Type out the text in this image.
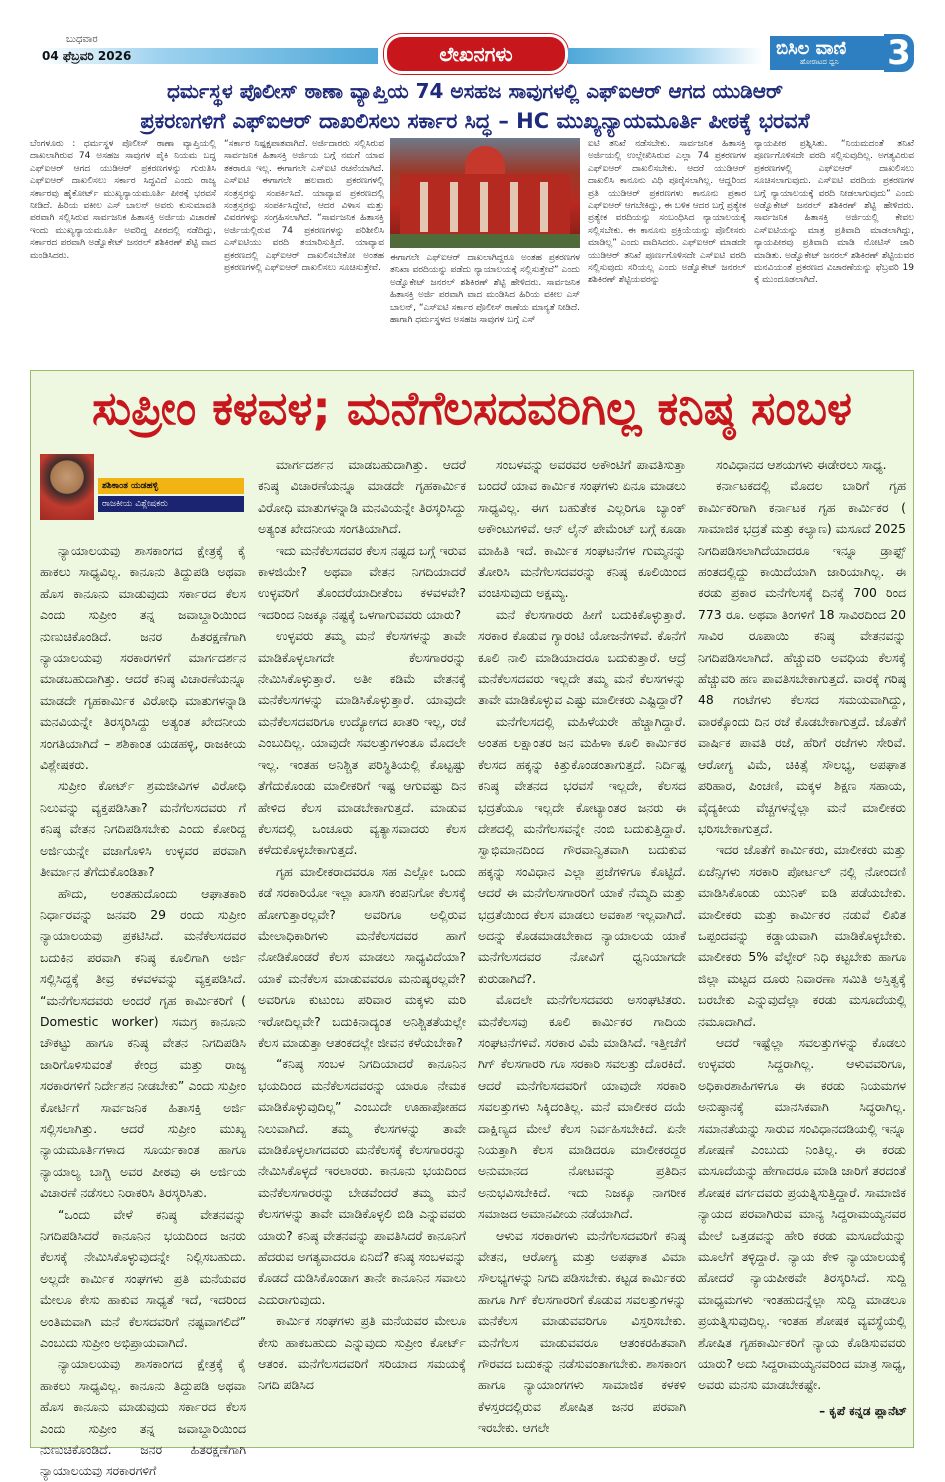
ಬುಧವಾರ
04 ಫೆಬ್ರವರಿ 2026	ಲೇಖನಗಳು	ಬಿಸಿಲ ವಾಣಿ
ಹೋರಾಟದ ಧ್ವನಿ 3
ಧರ್ಮಸ್ಥಳ ಪೊಲೀಸ್ ಠಾಣಾ ವ್ಯಾಪ್ತಿಯ 74 ಅಸಹಜ ಸಾವುಗಳಲ್ಲಿ ಎಫ್ಐಆರ್ ಆಗದ ಯುಡಿಆರ್
ಪ್ರಕರಣಗಳಿಗೆ ಎಫ್ಐಆರ್ ದಾಖಲಿಸಲು ಸರ್ಕಾರ ಸಿದ್ಧ – HC ಮುಖ್ಯನ್ಯಾಯಮೂರ್ತಿ ಪೀಠಕ್ಕೆ ಭರವಸೆ
ಬೆಂಗಳೂರು : ಧರ್ಮಸ್ಥಳ ಪೊಲೀಸ್ ಠಾಣಾ ವ್ಯಾಪ್ತಿಯಲ್ಲಿ ದಾಖಲಾಗಿರುವ 74 ಅಸಹಜ ಸಾವುಗಳ ಪೈಕಿ ನಿಯಮ ಬದ್ಧ ಎಫ್ಐಆರ್ ಆಗದ ಯುಡಿಆರ್ ಪ್ರಕರಣಗಳನ್ನು ಗುರುತಿಸಿ ಎಫ್ಐಆರ್ ದಾಖಲಿಸಲು ಸರ್ಕಾರ ಸಿದ್ಧವಿದೆ ಎಂದು ರಾಜ್ಯ ಸರ್ಕಾರವು ಹೈಕೋರ್ಟ್ ಮುಖ್ಯನ್ಯಾಯಮೂರ್ತಿ ಪೀಠಕ್ಕೆ ಭರವಸೆ ನೀಡಿದೆ. ಹಿರಿಯ ವಕೀಲ ಎಸ್ ಬಾಲನ್ ಅವರು ಕುಸುಮಾವತಿ ಪರವಾಗಿ ಸಲ್ಲಿಸಿರುವ ಸಾರ್ವಜನಿಕ ಹಿತಾಸಕ್ತಿ ಅರ್ಜಿಯ ವಿಚಾರಣೆ ಇಂದು ಮುಖ್ಯನ್ಯಾಯಮೂರ್ತಿ ಅವರಿದ್ದ ಪೀಠದಲ್ಲಿ ನಡೆದಿದ್ದು, ಸರ್ಕಾರದ ಪರವಾಗಿ ಅಡ್ವೊಕೇಟ್ ಜನರಲ್ ಶಶಿಕಿರಣ್ ಶೆಟ್ಟಿ ವಾದ ಮಂಡಿಸಿದರು.
“ಸರ್ಕಾರ ನಿಷ್ಪಕ್ಷಪಾತವಾಗಿದೆ. ಅರ್ಜಿದಾರರು ಸಲ್ಲಿಸಿರುವ ಸಾರ್ವಜನಿಕ ಹಿತಾಸಕ್ತಿ ಅರ್ಜಿಯ ಬಗ್ಗೆ ನಮಗೆ ಯಾವ ತಕರಾರೂ ಇಲ್ಲ. ಈಗಾಗಲೇ ಎಸ್ಐಟಿ ರಚನೆಯಾಗಿದೆ. ಎಸ್ಐಟಿ ಈಗಾಗಲೇ ಹಲವಾರು ಪ್ರಕರಣಗಳಲ್ಲಿ ಸಂತ್ರಸ್ತರನ್ನು ಸಂಪರ್ಕಿಸಿದೆ. ಯಾವ್ಯಾವ ಪ್ರಕರಣದಲ್ಲಿ ಸಂತ್ರಸ್ತರನ್ನು ಸಂಪರ್ಕಿಸಿದ್ದೇವೆ, ಆದರ ವಿಳಾಸ ಮತ್ತು ವಿವರಗಳನ್ನು ಸಂಗ್ರಹಿಸಲಾಗಿದೆ. “ಸಾರ್ವಜನಿಕ ಹಿತಾಸಕ್ತಿ ಅರ್ಜಿಯಲ್ಲಿರುವ 74 ಪ್ರಕರಣಗಳನ್ನು ಪರಿಶೀಲಿಸಿ ಎಸ್ಐಟಿಯು ವರದಿ ತಯಾರಿಸುತ್ತಿದೆ. ಯಾವ್ಯಾವ ಪ್ರಕರಣದಲ್ಲಿ ಎಫ್ಐಆರ್ ದಾಖಲಿಸಬೇಕೋ ಅಂತಹ ಪ್ರಕರಣಗಳಲ್ಲಿ ಎಫ್ಐಆರ್ ದಾಖಲಿಸಲು ಸೂಚಿಸುತ್ತೇವೆ.
ಈಗಾಗಲೇ ಎಫ್ಐಆರ್ ದಾಖಲಾಗಿದ್ದರೂ ಅಂತಹ ಪ್ರಕರಣಗಳ ತನಿಖಾ ವರದಿಯನ್ನು ಪಡೆದು ನ್ಯಾಯಾಲಯಕ್ಕೆ ಸಲ್ಲಿಸುತ್ತೇವೆ” ಎಂದು ಅಡ್ವೊಕೇಟ್ ಜನರಲ್ ಶಶಿಕಿರಣ್ ಶೆಟ್ಟಿ ಹೇಳಿದರು. ಸಾರ್ವಜನಿಕ ಹಿತಾಸಕ್ತಿ ಅರ್ಜಿ ಪರವಾಗಿ ವಾದ ಮಂಡಿಸಿದ ಹಿರಿಯ ವಕೀಲ ಎಸ್ ಬಾಲನ್, “ಎಸ್ಐಟಿ ಸರ್ಕಾರ ಪೊಲೀಸ್ ಠಾಣೆಯ ಮಾನ್ಯತೆ ನೀಡಿದೆ. ಹಾಗಾಗಿ ಧರ್ಮಸ್ಥಳದ ಅಸಹಜ ಸಾವುಗಳ ಬಗ್ಗೆ ಎಸ್
ಐಟಿ ತನಿಖೆ ನಡೆಸಬೇಕು. ಸಾರ್ವಜನಿಕ ಹಿತಾಸಕ್ತಿ ಅರ್ಜಿಯಲ್ಲಿ ಉಲ್ಲೇಖಿಸಿರುವ ಎಲ್ಲಾ 74 ಪ್ರಕರಣಗಳ ಎಫ್ಐಆರ್ ದಾಖಲಿಸಬೇಕು. ಆದರೆ ಯುಡಿಆರ್ ದಾಖಲಿಸಿ ಕಾನೂನು ವಿಧಿ ಪೂರೈಸಲಾಗಿಲ್ಲ. ಆದ್ದರಿಂದ ಪ್ರತಿ ಯುಡಿಆರ್ ಪ್ರಕರಣಗಳು ಕಾನೂನು ಪ್ರಕಾರ ಎಫ್ಐಆರ್ ಆಗಬೇಕಿದ್ದು, ಈ ಬಳಿಕ ಆದರ ಬಗ್ಗೆ ಪ್ರತ್ಯೇಕ ಪ್ರತ್ಯೇಕ ವರದಿಯನ್ನು ಸಂಬಂಧಿಸಿದ ನ್ಯಾಯಾಲಯಕ್ಕೆ ಸಲ್ಲಿಸಬೇಕು. ಈ ಕಾನೂನು ಪ್ರಕ್ರಿಯೆಯನ್ನು ಪೊಲೀಸರು ಮಾಡಿಲ್ಲ” ಎಂದು ವಾದಿಸಿದರು. ಎಫ್ಐಆರ್ ಮಾಡದೇ ಯುಡಿಆರ್ ತನಿಖೆ ಪೂರ್ಣಗೊಳಿಸದೇ ಎಸ್ಐಟಿ ವರದಿ ಸಲ್ಲಿಸುವುದು ಸರಿಯಲ್ಲ ಎಂದು ಅಡ್ವೊಕೇಟ್ ಜನರಲ್ ಶಶಿಕಿರಣ್ ಶೆಟ್ಟಿಯವರನ್ನು
ನ್ಯಾಯಪೀಠ ಪ್ರಶ್ನಿಸಿತು. “ನಿಯಮದಂತೆ ತನಿಖೆ ಪೂರ್ಣಗೊಳಿಸದೇ ವರದಿ ಸಲ್ಲಿಸುವುದಿಲ್ಲ. ಅಗತ್ಯವಿರುವ ಪ್ರಕರಣಗಳಲ್ಲಿ ಎಫ್ಐಆರ್ ದಾಖಲಿಸಲು ಸೂಚಿಸಲಾಗುವುದು. ಎಸ್ಐಟಿ ವರದಿಯ ಪ್ರಕರಣಗಳ ಬಗ್ಗೆ ನ್ಯಾಯಾಲಯಕ್ಕೆ ವರದಿ ನೀಡಲಾಗುವುದು” ಎಂದು ಅಡ್ವೊಕೇಟ್ ಜನರಲ್ ಶಶಿಕಿರಣ್ ಶೆಟ್ಟಿ ಹೇಳಿದರು. ಸಾರ್ವಜನಿಕ ಹಿತಾಸಕ್ತಿ ಅರ್ಜಿಯಲ್ಲಿ ಕೇವಲ ಎಸ್ಐಟಿಯನ್ನು ಮಾತ್ರ ಪ್ರತಿವಾದಿ ಮಾಡಲಾಗಿದ್ದು, ನ್ಯಾಯಪೀಠವು ಪ್ರತಿವಾದಿ ಮಾಡಿ ನೋಟಿಸ್ ಜಾರಿ ಮಾಡಿತು. ಅಡ್ವೊಕೇಟ್ ಜನರಲ್ ಶಶಿಕಿರಣ್ ಶೆಟ್ಟಿಯವರ ಮನವಿಯಂತೆ ಪ್ರಕರಣದ ವಿಚಾರಣೆಯನ್ನು ಫೆಬ್ರವರಿ 19 ಕ್ಕೆ ಮುಂದೂಡಲಾಗಿದೆ.
ಸುಪ್ರೀಂ ಕಳವಳ; ಮನೆಗೆಲಸದವರಿಗಿಲ್ಲ ಕನಿಷ್ಠ ಸಂಬಳ
ಶಶಿಕಾಂತ ಯಡಹಳ್ಳಿ
ರಾಜಕೀಯ ವಿಶ್ಲೇಷಕರು

ನ್ಯಾಯಾಲಯವು ಶಾಸಕಾಂಗದ ಕ್ಷೇತ್ರಕ್ಕೆ ಕೈ ಹಾಕಲು ಸಾಧ್ಯವಿಲ್ಲ. ಕಾನೂನು ತಿದ್ದುಪಡಿ ಅಥವಾ ಹೊಸ ಕಾನೂನು ಮಾಡುವುದು ಸರ್ಕಾರದ ಕೆಲಸ ಎಂದು ಸುಪ್ರೀಂ ತನ್ನ ಜವಾಬ್ದಾರಿಯಿಂದ ನುಣುಚಿಕೊಂಡಿದೆ. ಜನರ ಹಿತರಕ್ಷಣೆಗಾಗಿ ನ್ಯಾಯಾಲಯವು ಸರಕಾರಗಳಿಗೆ ಮಾರ್ಗದರ್ಶನ ಮಾಡಬಹುದಾಗಿತ್ತು. ಆದರೆ ಕನಿಷ್ಠ ವಿಚಾರಣೆಯನ್ನೂ ಮಾಡದೇ ಗೃಹಕಾರ್ಮಿಕ ವಿರೋಧಿ ಮಾತುಗಳನ್ನಾಡಿ ಮನವಿಯನ್ನೇ ತಿರಸ್ಕರಿಸಿದ್ದು ಅತ್ಯಂತ ಖೇದನೀಯ ಸಂಗತಿಯಾಗಿದೆ – ಶಶಿಕಾಂತ ಯಡಹಳ್ಳಿ, ರಾಜಕೀಯ ವಿಶ್ಲೇಷಕರು.

ಸುಪ್ರೀಂ ಕೋರ್ಟ್ ಶ್ರಮಜೀವಿಗಳ ವಿರೋಧಿ ನಿಲುವನ್ನು ವ್ಯಕ್ತಪಡಿಸಿತಾ? ಮನೆಗೆಲಸದವರು ಗೆ ಕನಿಷ್ಠ ವೇತನ ನಿಗದಿಪಡಿಸಬೇಕು ಎಂದು ಕೋರಿದ್ದ ಅರ್ಜಿಯನ್ನೇ ವಜಾಗೊಳಿಸಿ ಉಳ್ಳವರ ಪರವಾಗಿ ತೀರ್ಮಾನ ತೆಗೆದುಕೊಂಡಿತಾ?

ಹೌದು, ಅಂತಹುದೊಂದು ಆಘಾತಕಾರಿ ನಿರ್ಧಾರವನ್ನು ಜನವರಿ 29 ರಂದು ಸುಪ್ರೀಂ ನ್ಯಾಯಾಲಯವು ಪ್ರಕಟಿಸಿದೆ. ಮನೆಕೆಲಸದವರ ಬದುಕಿನ ಪರವಾಗಿ ಕನಿಷ್ಠ ಕೂಲಿಗಾಗಿ ಅರ್ಜಿ ಸಲ್ಲಿಸಿದ್ದಕ್ಕೆ ತೀವ್ರ ಕಳವಳವನ್ನು ವ್ಯಕ್ತಪಡಿಸಿದೆ. “ಮನೆಗೆಲಸದವರು ಅಂದರೆ ಗೃಹ ಕಾರ್ಮಿಕರಿಗೆ ( Domestic worker) ಸಮಗ್ರ ಕಾನೂನು ಚೌಕಟ್ಟು ಹಾಗೂ ಕನಿಷ್ಠ ವೇತನ ನಿಗದಿಪಡಿಸಿ ಜಾರಿಗೊಳಿಸುವಂತೆ ಕೇಂದ್ರ ಮತ್ತು ರಾಜ್ಯ ಸರಕಾರಗಳಿಗೆ ನಿರ್ದೇಶನ ನೀಡಬೇಕು” ಎಂದು ಸುಪ್ರೀಂ ಕೋರ್ಟಿಗೆ ಸಾರ್ವಜನಿಕ ಹಿತಾಸಕ್ತಿ ಅರ್ಜಿ ಸಲ್ಲಿಸಲಾಗಿತ್ತು. ಆದರೆ ಸುಪ್ರೀಂ ಮುಖ್ಯ ನ್ಯಾಯಮೂರ್ತಿಗಳಾದ ಸೂರ್ಯಕಾಂತ ಹಾಗೂ ನ್ಯಾಯಾಲ್ಯ ಬಾಗ್ಚಿ ಅವರ ಪೀಠವು ಈ ಅರ್ಜಿಯ ವಿಚಾರಣೆ ನಡೆಸಲು ನಿರಾಕರಿಸಿ ತಿರಸ್ಕರಿಸಿತು.

“ಒಂದು ವೇಳೆ ಕನಿಷ್ಠ ವೇತನವನ್ನು ನಿಗದಿಪಡಿಸಿದರೆ ಕಾನೂನಿನ ಭಯದಿಂದ ಜನರು ಕೆಲಸಕ್ಕೆ ನೇಮಿಸಿಕೊಳ್ಳುವುದನ್ನೇ ನಿಲ್ಲಿಸಬಹುದು. ಅಲ್ಲದೇ ಕಾರ್ಮಿಕ ಸಂಘಗಳು ಪ್ರತಿ ಮನೆಯವರ ಮೇಲೂ ಕೇಸು ಹಾಕುವ ಸಾಧ್ಯತೆ ಇದೆ, ಇದರಿಂದ ಅಂತಿಮವಾಗಿ ಮನೆ ಕೆಲಸದವರಿಗೆ ನಷ್ಟವಾಗಲಿದೆ” ಎಂಬುದು ಸುಪ್ರೀಂ ಅಭಿಪ್ರಾಯವಾಗಿದೆ.

ನ್ಯಾಯಾಲಯವು ಶಾಸಕಾಂಗದ ಕ್ಷೇತ್ರಕ್ಕೆ ಕೈ ಹಾಕಲು ಸಾಧ್ಯವಿಲ್ಲ. ಕಾನೂನು ತಿದ್ದುಪಡಿ ಅಥವಾ ಹೊಸ ಕಾನೂನು ಮಾಡುವುದು ಸರ್ಕಾರದ ಕೆಲಸ ಎಂದು ಸುಪ್ರೀಂ ತನ್ನ ಜವಾಬ್ದಾರಿಯಿಂದ ನುಣುಚಿಕೊಂಡಿದೆ. ಜನರ ಹಿತರಕ್ಷಣೆಗಾಗಿ ನ್ಯಾಯಾಲಯವು ಸರಕಾರಗಳಿಗೆ

ಮಾರ್ಗದರ್ಶನ ಮಾಡಬಹುದಾಗಿತ್ತು. ಆದರೆ ಕನಿಷ್ಠ ವಿಚಾರಣೆಯನ್ನೂ ಮಾಡದೇ ಗೃಹಕಾರ್ಮಿಕ ವಿರೋಧಿ ಮಾತುಗಳನ್ನಾಡಿ ಮನವಿಯನ್ನೇ ತಿರಸ್ಕರಿಸಿದ್ದು ಅತ್ಯಂತ ಖೇದನೀಯ ಸಂಗತಿಯಾಗಿದೆ.

ಇದು ಮನೆಕೆಲಸದವರ ಕೆಲಸ ನಷ್ಟದ ಬಗ್ಗೆ ಇರುವ ಕಾಳಜಿಯೇ? ಅಥವಾ ವೇತನ ನಿಗದಿಯಾದರೆ ಉಳ್ಳವರಿಗೆ ತೊಂದರೆಯಾದೀತೆಂಬ ಕಳವಳವೇ? ಇದರಿಂದ ನಿಜಕ್ಕೂ ನಷ್ಟಕ್ಕೆ ಒಳಗಾಗುವವರು ಯಾರು?

ಉಳ್ಳವರು ತಮ್ಮ ಮನೆ ಕೆಲಸಗಳನ್ನು ತಾವೇ ಮಾಡಿಕೊಳ್ಳಲಾಗದೇ ಕೆಲಸಗಾರರನ್ನು ನೇಮಿಸಿಕೊಳ್ಳುತ್ತಾರೆ. ಅತೀ ಕಡಿಮೆ ವೇತನಕ್ಕೆ ಮನೆಕೆಲಸಗಳನ್ನು ಮಾಡಿಸಿಕೊಳ್ಳುತ್ತಾರೆ. ಯಾವುದೇ ಮನೆಕೆಲಸದವರಿಗೂ ಉದ್ಯೋಗದ ಖಾತರಿ ಇಲ್ಲ, ರಜೆ ಎಂಬುದಿಲ್ಲ. ಯಾವುದೇ ಸವಲತ್ತುಗಳಂತೂ ಮೊದಲೇ ಇಲ್ಲ. ಇಂತಹ ಅನಿಶ್ಚಿತ ಪರಿಸ್ಥಿತಿಯಲ್ಲಿ ಕೊಟ್ಟಷ್ಟು ತೆಗೆದುಕೊಂಡು ಮಾಲೀಕರಿಗೆ ಇಷ್ಟ ಆಗುವಷ್ಟು ದಿನ ಹೇಳಿದ ಕೆಲಸ ಮಾಡಬೇಕಾಗುತ್ತದೆ. ಮಾಡುವ ಕೆಲಸದಲ್ಲಿ ಒಂಚೂರು ವ್ಯತ್ಯಾಸವಾದರು ಕೆಲಸ ಕಳೆದುಕೊಳ್ಳಬೇಕಾಗುತ್ತದೆ.

ಗೃಹ ಮಾಲೀಕರಾದವರೂ ಸಹ ಎಲ್ಲೋ ಒಂದು ಕಡೆ ಸರಕಾರಿಯೋ ಇಲ್ಲಾ ಖಾಸಗಿ ಕಂಪನಿಗೋ ಕೆಲಸಕ್ಕೆ ಹೋಗುತ್ತಾರಲ್ಲವೇ? ಅವರಿಗೂ ಅಲ್ಲಿರುವ ಮೇಲಾಧಿಕಾರಿಗಳು ಮನೆಕೆಲಸದವರ ಹಾಗೆ ನೋಡಿಕೊಂಡರೆ ಕೆಲಸ ಮಾಡಲು ಸಾಧ್ಯವಿದೆಯಾ? ಯಾಕೆ ಮನೆಕೆಲಸ ಮಾಡುವವರೂ ಮನುಷ್ಯರಲ್ಲವೇ? ಅವರಿಗೂ ಕುಟುಂಬ ಪರಿವಾರ ಮಕ್ಕಳು ಮರಿ ಇರೋದಿಲ್ಲವೇ? ಬದುಕಿನಾದ್ಯಂತ ಅನಿಶ್ಚಿತತೆಯಲ್ಲೇ ಕೆಲಸ ಮಾಡುತ್ತಾ ಆತಂಕದಲ್ಲೇ ಜೀವನ ಕಳೆಯಬೇಕಾ?

“ಕನಿಷ್ಠ ಸಂಬಳ ನಿಗದಿಯಾದರೆ ಕಾನೂನಿನ ಭಯದಿಂದ ಮನೆಕೆಲಸದವರನ್ನು ಯಾರೂ ನೇಮಕ ಮಾಡಿಕೊಳ್ಳುವುದಿಲ್ಲ” ಎಂಬುದೇ ಊಹಾಪೋಹದ ನಿಲುವಾಗಿದೆ. ತಮ್ಮ ಕೆಲಸಗಳನ್ನು ತಾವೇ ಮಾಡಿಕೊಳ್ಳಲಾಗದವರು ಮನೆಕೆಲಸಕ್ಕೆ ಕೆಲಸಗಾರರನ್ನು ನೇಮಿಸಿಕೊಳ್ಳದೆ ಇರಲಾರರು. ಕಾನೂನು ಭಯದಿಂದ ಮನೆಕೆಲಸಗಾರರನ್ನು ಬೇಡವೆಂದರೆ ತಮ್ಮ ಮನೆ ಕೆಲಸಗಳನ್ನು ತಾವೇ ಮಾಡಿಕೊಳ್ಳಲಿ ಬಿಡಿ ಎನ್ನುವವರು ಯಾರು? ಕನಿಷ್ಠ ವೇತನವನ್ನು ಪಾವತಿಸಿದರೆ ಕಾನೂನಿಗೆ ಹೆದರುವ ಅಗತ್ಯವಾದರೂ ಏನಿದೆ? ಕನಿಷ್ಠ ಸಂಬಳವನ್ನು ಕೊಡದೆ ದುಡಿಸಿಕೊಂಡಾಗ ತಾನೇ ಕಾನೂನಿನ ಸವಾಲು ಎದುರಾಗುವುದು.

ಕಾರ್ಮಿಕ ಸಂಘಗಳು ಪ್ರತಿ ಮನೆಯವರ ಮೇಲೂ ಕೇಸು ಹಾಕಬಹುದು ಎನ್ನುವುದು ಸುಪ್ರೀಂ ಕೋರ್ಟ್ ಆತಂಕ. ಮನೆಗೆಲಸದವರಿಗೆ ಸರಿಯಾದ ಸಮಯಕ್ಕೆ ನಿಗದಿ ಪಡಿಸಿದ

ಸಂಬಳವನ್ನು ಅವರವರ ಅಕೌಂಟಿಗೆ ಪಾವತಿಸುತ್ತಾ ಬಂದರೆ ಯಾವ ಕಾರ್ಮಿಕ ಸಂಘಗಳು ಏನೂ ಮಾಡಲು ಸಾಧ್ಯವಿಲ್ಲ. ಈಗ ಬಹುತೇಕ ಎಲ್ಲರಿಗೂ ಬ್ಯಾಂಕ್ ಅಕೌಂಟುಗಳಿವೆ. ಆನ್ ಲೈನ್ ಪೇಮೆಂಟ್ ಬಗ್ಗೆ ಕೂಡಾ ಮಾಹಿತಿ ಇದೆ. ಕಾರ್ಮಿಕ ಸಂಘಟನೆಗಳ ಗುಮ್ಮನನ್ನು ತೋರಿಸಿ ಮನೆಗೆಲಸದವರನ್ನು ಕನಿಷ್ಠ ಕೂಲಿಯಿಂದ ವಂಚಿಸುವುದು ಅಕ್ಷಮ್ಯ.

ಮನೆ ಕೆಲಸಗಾರರು ಹೀಗೆ ಬದುಕಿಕೊಳ್ಳುತ್ತಾರೆ. ಸರಕಾರ ಕೊಡುವ ಗ್ಯಾರಂಟಿ ಯೋಜನೆಗಳಿವೆ. ಕೊನೆಗೆ ಕೂಲಿ ನಾಲಿ ಮಾಡಿಯಾದರೂ ಬದುಕುತ್ತಾರೆ. ಆದ್ರೆ ಮನೆಕೆಲಸದವರು ಇಲ್ಲದೇ ತಮ್ಮ ಮನೆ ಕೆಲಸಗಳನ್ನು ತಾವೇ ಮಾಡಿಕೊಳ್ಳುವ ಎಷ್ಟು ಮಾಲೀಕರು ಎಷ್ಟಿದ್ದಾರೆ?

ಮನೆಗೆಲಸದಲ್ಲಿ ಮಹಿಳೆಯರೇ ಹೆಚ್ಚಾಗಿದ್ದಾರೆ. ಅಂತಹ ಲಕ್ಷಾಂತರ ಜನ ಮಹಿಳಾ ಕೂಲಿ ಕಾರ್ಮಿಕರ ಕೆಲಸದ ಹಕ್ಕನ್ನು ಕಿತ್ತುಕೊಂಡಂತಾಗುತ್ತದೆ. ನಿರ್ದಿಷ್ಟ ಕನಿಷ್ಠ ವೇತನದ ಭರವಸೆ ಇಲ್ಲದೇ, ಕೆಲಸದ ಭದ್ರತೆಯೂ ಇಲ್ಲದೇ ಕೋಟ್ಯಾಂತರ ಜನರು ಈ ದೇಶದಲ್ಲಿ ಮನೆಗೆಲಸವನ್ನೇ ನಂಬಿ ಬದುಕುತ್ತಿದ್ದಾರೆ. ಸ್ವಾಭಿಮಾನದಿಂದ ಗೌರವಾನ್ವಿತವಾಗಿ ಬದುಕುವ ಹಕ್ಕನ್ನು ಸಂವಿಧಾನ ಎಲ್ಲಾ ಪ್ರಜೆಗಳಿಗೂ ಕೊಟ್ಟಿದೆ. ಆದರೆ ಈ ಮನೆಗೆಲಸಗಾರರಿಗೆ ಯಾಕೆ ನೆಮ್ಮದಿ ಮತ್ತು ಭದ್ರತೆಯಿಂದ ಕೆಲಸ ಮಾಡಲು ಅವಕಾಶ ಇಲ್ಲವಾಗಿದೆ. ಅದನ್ನು ಕೊಡಮಾಡಬೇಕಾದ ನ್ಯಾಯಾಲಯ ಯಾಕೆ ಮನೆಗೆಲಸದವರ ನೋವಿಗೆ ಧ್ವನಿಯಾಗದೇ ಕುರುಡಾಗಿದೆ?.

ಮೊದಲೇ ಮನೆಗೆಲಸದವರು ಅಸಂಘಟಿತರು. ಮನೆಕೆಲಸವು ಕೂಲಿ ಕಾರ್ಮಿಕರ ಗಾದಿಯ ಸಂಘಟನೆಗಳಿವೆ. ಸರಕಾರ ವಿಮೆ ಮಾಡಿಸಿದೆ. ಇತ್ತೀಚೆಗೆ ಗಿಗ್ ಕೆಲಸಗಾರರಿ ಗೂ ಸರಕಾರಿ ಸವಲತ್ತು ದೊರಕಿದೆ. ಆದರೆ ಮನೆಗೆಲಸದವರಿಗೆ ಯಾವುದೇ ಸರಕಾರಿ ಸವಲತ್ತುಗಳು ಸಿಕ್ಕಿದಂತಿಲ್ಲ. ಮನೆ ಮಾಲೀಕರ ದಯೆ ದಾಕ್ಷಿಣ್ಯದ ಮೇಲೆ ಕೆಲಸ ನಿರ್ವಹಿಸಬೇಕಿದೆ. ಏನೇ ನಿಯತ್ತಾಗಿ ಕೆಲಸ ಮಾಡಿದರೂ ಮಾಲೀಕರದ್ದರ ಅನುಮಾನದ ನೋಟವನ್ನು ಪ್ರತಿದಿನ ಅನುಭವಿಸಬೇಕಿದೆ. ಇದು ನಿಜಕ್ಕೂ ನಾಗರೀಕ ಸಮಾಜದ ಅಮಾನವೀಯ ನಡೆಯಾಗಿದೆ.

ಆಳುವ ಸರಕಾರಗಳು ಮನೆಗೆಲಸದವರಿಗೆ ಕನಿಷ್ಠ ವೇತನ, ಆರೋಗ್ಯ ಮತ್ತು ಅಪಘಾತ ವಿಮಾ ಸೌಲಭ್ಯಗಳನ್ನು ನಿಗದಿ ಪಡಿಸಬೇಕು. ಕಟ್ಟಡ ಕಾರ್ಮಿಕರು ಹಾಗೂ ಗಿಗ್ ಕೆಲಸಗಾರರಿಗೆ ಕೊಡುವ ಸವಲತ್ತುಗಳನ್ನು ಮನೆಕೆಲಸ ಮಾಡುವವರಿಗೂ ವಿಸ್ತರಿಸಬೇಕು. ಮನೆಗೆಲಸ ಮಾಡುವವರೂ ಆತಂಕರಹಿತವಾಗಿ ಗೌರವದ ಬದುಕನ್ನು ನಡೆಸುವಂತಾಗಬೇಕು. ಶಾಸಕಾಂಗ ಹಾಗೂ ನ್ಯಾಯಾಂಗಗಳು ಸಾಮಾಜಿಕ ಕಳಕಳಿ ಕೆಳಸ್ತರದಲ್ಲಿರುವ ಶೋಷಿತ ಜನರ ಪರವಾಗಿ ಇರಬೇಕು. ಆಗಲೇ

ಸಂವಿಧಾನದ ಆಶಯಗಳು ಈಡೇರಲು ಸಾಧ್ಯ.

ಕರ್ನಾಟಕದಲ್ಲಿ ಮೊದಲ ಬಾರಿಗೆ ಗೃಹ ಕಾರ್ಮಿಕರಿಗಾಗಿ ಕರ್ನಾಟಕ ಗೃಹ ಕಾರ್ಮಿಕರ ( ಸಾಮಾಜಿಕ ಭದ್ರತೆ ಮತ್ತು ಕಲ್ಯಾಣ) ಮಸೂದೆ 2025 ನಿಗದಿಪಡಿಸಲಾಗಿದೆಯಾದರೂ ಇನ್ನೂ ಡ್ರಾಫ್ಟ್ ಹಂತದಲ್ಲಿದ್ದು ಕಾಯಿದೆಯಾಗಿ ಜಾರಿಯಾಗಿಲ್ಲ. ಈ ಕರಡು ಪ್ರಕಾರ ಮನೆಗೆಲಸಕ್ಕೆ ದಿನಕ್ಕೆ 700 ರಿಂದ 773 ರೂ. ಅಥವಾ ತಿಂಗಳಿಗೆ 18 ಸಾವಿರದಿಂದ 20 ಸಾವಿರ ರೂಪಾಯಿ ಕನಿಷ್ಠ ವೇತನವನ್ನು ನಿಗದಿಪಡಿಸಲಾಗಿದೆ. ಹೆಚ್ಚುವರಿ ಅವಧಿಯ ಕೆಲಸಕ್ಕೆ ಹೆಚ್ಚುವರಿ ಹಣ ಪಾವತಿಸಬೇಕಾಗುತ್ತದೆ. ವಾರಕ್ಕೆ ಗರಿಷ್ಠ 48 ಗಂಟೆಗಳು ಕೆಲಸದ ಸಮಯವಾಗಿದ್ದು, ವಾರಕ್ಕೊಂದು ದಿನ ರಜೆ ಕೊಡಬೇಕಾಗುತ್ತದೆ. ಜೊತೆಗೆ ವಾರ್ಷಿಕ ಪಾವತಿ ರಜೆ, ಹೆರಿಗೆ ರಜೆಗಳು ಸೇರಿವೆ. ಆರೋಗ್ಯ ವಿಮೆ, ಚಿಕಿತ್ಸೆ ಸೌಲಭ್ಯ, ಅಪಘಾತ ಪರಿಹಾರ, ಪಿಂಚಣಿ, ಮಕ್ಕಳ ಶಿಕ್ಷಣ ಸಹಾಯ, ವೈದ್ಯಕೀಯ ವೆಚ್ಚಗಳನ್ನೆಲ್ಲಾ ಮನೆ ಮಾಲೀಕರು ಭರಿಸಬೇಕಾಗುತ್ತದೆ.

ಇದರ ಜೊತೆಗೆ ಕಾರ್ಮಿಕರು, ಮಾಲೀಕರು ಮತ್ತು ಏಜೆನ್ಸಿಗಳು ಸರಕಾರಿ ಪೋರ್ಟಲ್ ನಲ್ಲಿ ನೋಂದಣಿ ಮಾಡಿಸಿಕೊಂಡು ಯುನಿಕ್ ಐಡಿ ಪಡೆಯಬೇಕು. ಮಾಲೀಕರು ಮತ್ತು ಕಾರ್ಮಿಕರ ನಡುವೆ ಲಿಖಿತ ಒಪ್ಪಂದವನ್ನು ಕಡ್ಡಾಯವಾಗಿ ಮಾಡಿಕೊಳ್ಳಬೇಕು. ಮಾಲೀಕರು 5% ವೆಲ್ಫೇರ್ ನಿಧಿ ಕಟ್ಟಬೇಕು ಹಾಗೂ ಜಿಲ್ಲಾ ಮಟ್ಟದ ದೂರು ನಿವಾರಣಾ ಸಮಿತಿ ಅಸ್ತಿತ್ವಕ್ಕೆ ಬರಬೇಕು ಎನ್ನುವುದೆಲ್ಲಾ ಕರಡು ಮಸೂದೆಯಲ್ಲಿ ನಮೂದಾಗಿದೆ.

ಆದರೆ ಇಷ್ಟೆಲ್ಲಾ ಸವಲತ್ತುಗಳನ್ನು ಕೊಡಲು ಉಳ್ಳವರು ಸಿದ್ದರಾಗಿಲ್ಲ. ಆಳುವವರಿಗೂ, ಅಧಿಕಾರಶಾಹಿಗಳಿಗೂ ಈ ಕರಡು ನಿಯಮಗಳ ಅನುಷ್ಠಾನಕ್ಕೆ ಮಾನಸಿಕವಾಗಿ ಸಿದ್ಧರಾಗಿಲ್ಲ. ಸಮಾನತೆಯನ್ನು ಸಾರುವ ಸಂವಿಧಾನದಡಿಯಲ್ಲಿ ಇನ್ನೂ ಶೋಷಣೆ ಎಂಬುದು ನಿಂತಿಲ್ಲ. ಈ ಕರಡು ಮಸೂದೆಯನ್ನು ಹೇಗಾದರೂ ಮಾಡಿ ಜಾರಿಗೆ ತರದಂತೆ ಶೋಷಕ ವರ್ಗದವರು ಪ್ರಯತ್ನಿಸುತ್ತಿದ್ದಾರೆ. ಸಾಮಾಜಿಕ ನ್ಯಾಯದ ಪರವಾಗಿರುವ ಮಾನ್ಯ ಸಿದ್ದರಾಮಯ್ಯನವರ ಮೇಲೆ ಒತ್ತಡವನ್ನು ಹೇರಿ ಕರಡು ಮಸೂದೆಯನ್ನು ಮೂಲೆಗೆ ತಳ್ಳಿದ್ದಾರೆ. ನ್ಯಾಯ ಕೇಳಿ ನ್ಯಾಯಾಲಯಕ್ಕೆ ಹೋದರೆ ನ್ಯಾಯಪೀಠವೇ ತಿರಸ್ಕರಿಸಿದೆ. ಸುದ್ದಿ ಮಾಧ್ಯಮಗಳು ಇಂತಹುದನ್ನೆಲ್ಲಾ ಸುದ್ದಿ ಮಾಡಲೂ ಪ್ರಯತ್ನಿಸುವುದಿಲ್ಲ. ಇಂತಹ ಶೋಷಕ ವ್ಯವಸ್ಥೆಯಲ್ಲಿ ಶೋಷಿತ ಗೃಹಕಾರ್ಮಿಕರಿಗೆ ನ್ಯಾಯ ಕೊಡಿಸುವವರು ಯಾರು? ಅದು ಸಿದ್ದರಾಮಯ್ಯನವರಿಂದ ಮಾತ್ರ ಸಾಧ್ಯ, ಅವರು ಮನಸು ಮಾಡಬೇಕಷ್ಟೇ.

– ಕೃಪೆ ಕನ್ನಡ ಪ್ಲಾನೆಟ್
